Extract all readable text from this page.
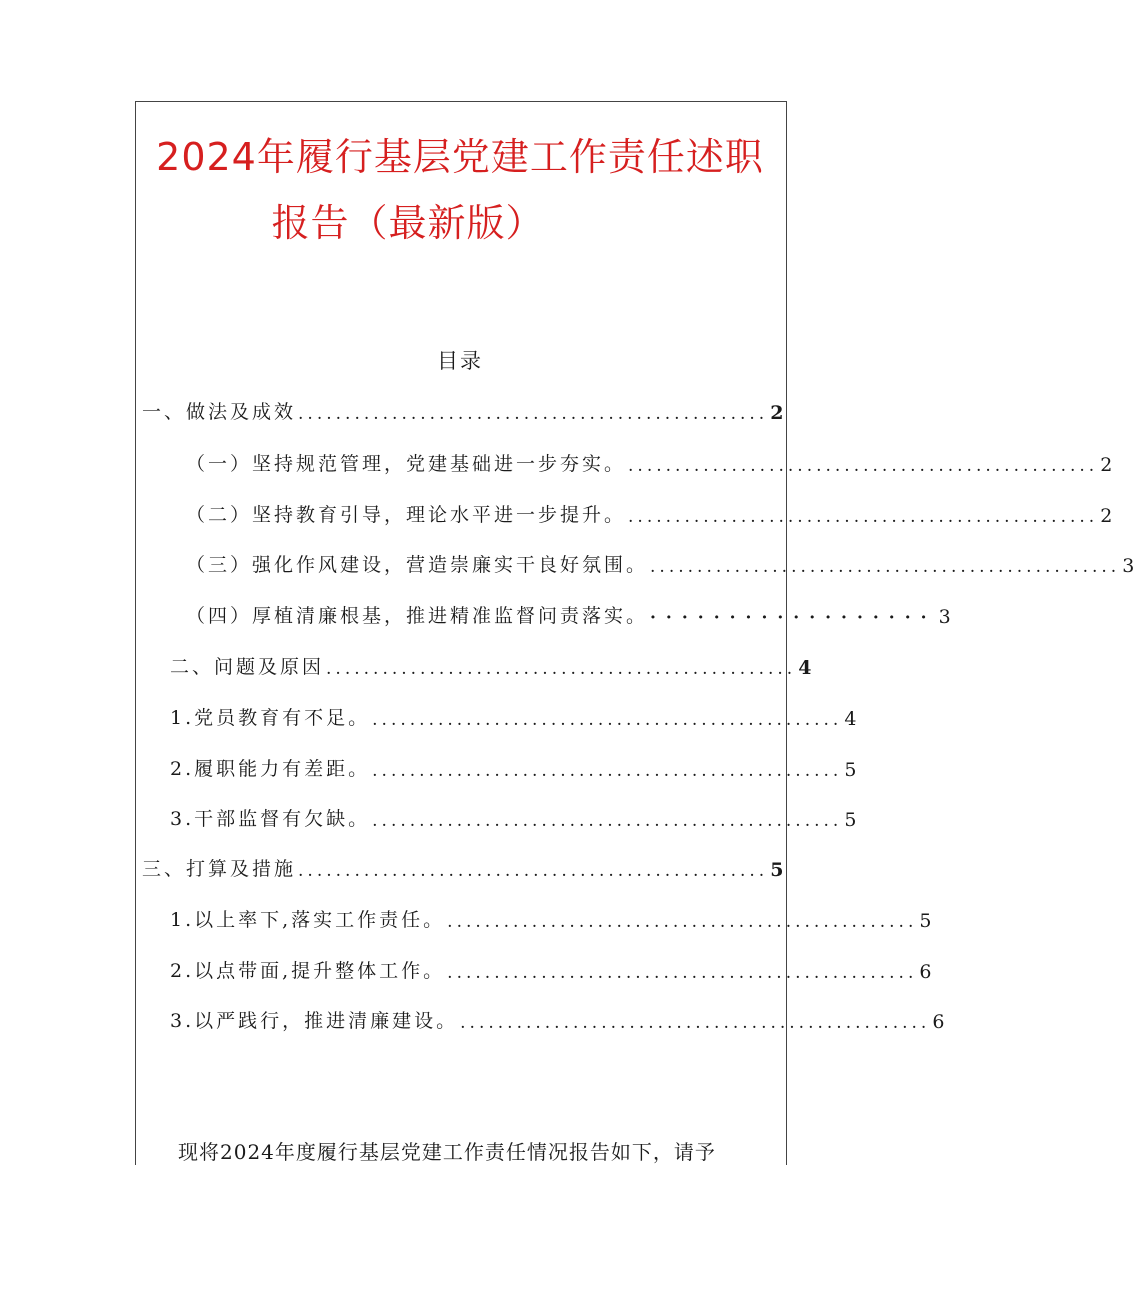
2024年履行基层党建工作责任述职
报告（最新版）
目录
一、做法及成效 .................................................. 2
（一）坚持规范管理，党建基础进一步夯实。 .................................................. 2
（二）坚持教育引导，理论水平进一步提升。 .................................................. 2
（三）强化作风建设，营造崇廉实干良好氛围。 .................................................. 3
（四）厚植清廉根基，推进精准监督问责落实。 ·················· 3
二、问题及原因 .................................................. 4
1.党员教育有不足。 .................................................. 4
2.履职能力有差距。 .................................................. 5
3.干部监督有欠缺。 .................................................. 5
三、打算及措施 .................................................. 5
1.以上率下,落实工作责任。 .................................................. 5
2.以点带面,提升整体工作。 .................................................. 6
3.以严践行，推进清廉建设。 .................................................. 6
现将2024年度履行基层党建工作责任情况报告如下，请予
